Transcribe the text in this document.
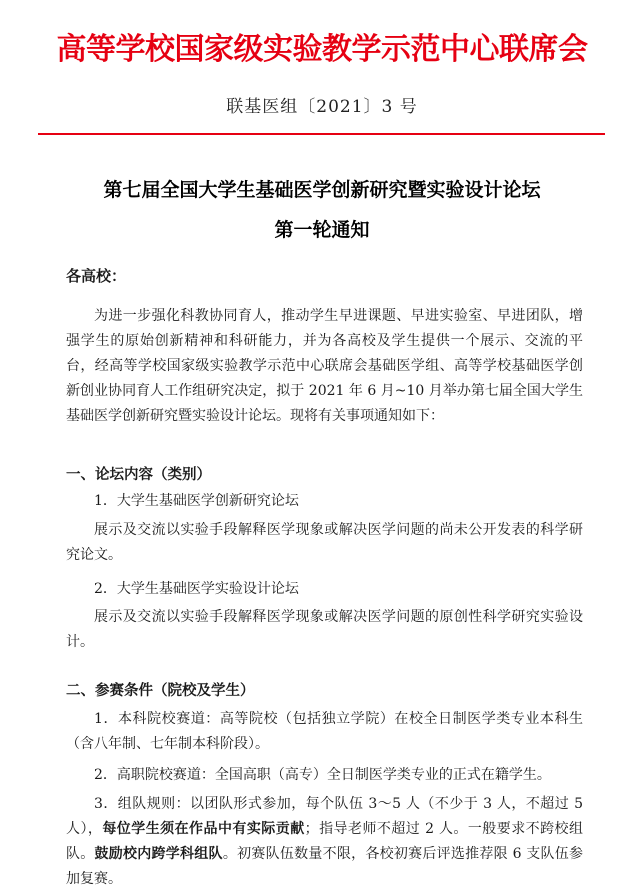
高等学校国家级实验教学示范中心联席会
联基医组〔2021〕3 号
第七届全国大学生基础医学创新研究暨实验设计论坛
第一轮通知
各高校：
为进一步强化科教协同育人，推动学生早进课题、早进实验室、早进团队，增强学生的原始创新精神和科研能力，并为各高校及学生提供一个展示、交流的平台，经高等学校国家级实验教学示范中心联席会基础医学组、高等学校基础医学创新创业协同育人工作组研究决定，拟于 2021 年 6 月~10 月举办第七届全国大学生基础医学创新研究暨实验设计论坛。现将有关事项通知如下：
一、论坛内容（类别）
1．大学生基础医学创新研究论坛
展示及交流以实验手段解释医学现象或解决医学问题的尚未公开发表的科学研究论文。
2．大学生基础医学实验设计论坛
展示及交流以实验手段解释医学现象或解决医学问题的原创性科学研究实验设计。
二、参赛条件（院校及学生）
1．本科院校赛道：高等院校（包括独立学院）在校全日制医学类专业本科生（含八年制、七年制本科阶段）。
2．高职院校赛道：全国高职（高专）全日制医学类专业的正式在籍学生。
3．组队规则：以团队形式参加，每个队伍 3～5 人（不少于 3 人，不超过 5 人），每位学生须在作品中有实际贡献；指导老师不超过 2 人。一般要求不跨校组队。鼓励校内跨学科组队。初赛队伍数量不限，各校初赛后评选推荐限 6 支队伍参加复赛。
